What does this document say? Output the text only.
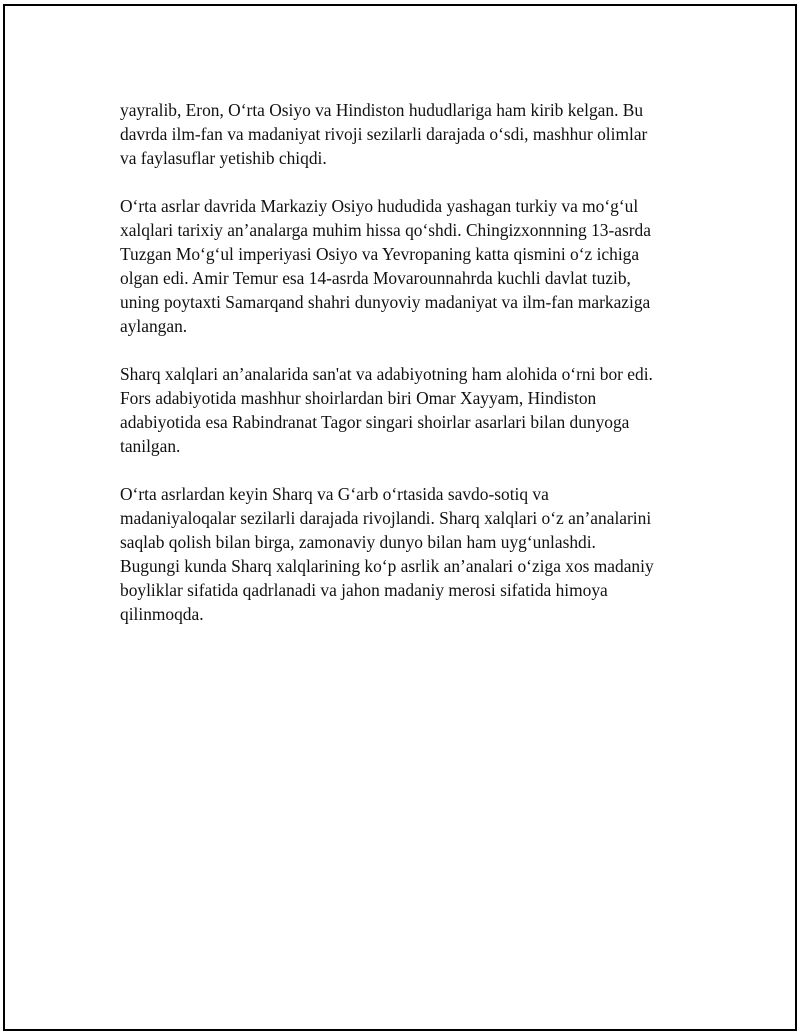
yayralib, Eron, O‘rta Osiyo va Hindiston hududlariga ham kirib kelgan. Bu
davrda ilm-fan va madaniyat rivoji sezilarli darajada o‘sdi, mashhur olimlar
va faylasuflar yetishib chiqdi.

O‘rta asrlar davrida Markaziy Osiyo hududida yashagan turkiy va mo‘g‘ul
xalqlari tarixiy an’analarga muhim hissa qo‘shdi. Chingizxonnning 13-asrda
Tuzgan Mo‘g‘ul imperiyasi Osiyo va Yevropaning katta qismini o‘z ichiga
olgan edi. Amir Temur esa 14-asrda Movarounnahrda kuchli davlat tuzib,
uning poytaxti Samarqand shahri dunyoviy madaniyat va ilm-fan markaziga
aylangan.

Sharq xalqlari an’analarida san'at va adabiyotning ham alohida o‘rni bor edi.
Fors adabiyotida mashhur shoirlardan biri Omar Xayyam, Hindiston
adabiyotida esa Rabindranat Tagor singari shoirlar asarlari bilan dunyoga
tanilgan.

O‘rta asrlardan keyin Sharq va G‘arb o‘rtasida savdo-sotiq va
madaniyaloqalar sezilarli darajada rivojlandi. Sharq xalqlari o‘z an’analarini
saqlab qolish bilan birga, zamonaviy dunyo bilan ham uyg‘unlashdi.
Bugungi kunda Sharq xalqlarining ko‘p asrlik an’analari o‘ziga xos madaniy
boyliklar sifatida qadrlanadi va jahon madaniy merosi sifatida himoya
qilinmoqda.
